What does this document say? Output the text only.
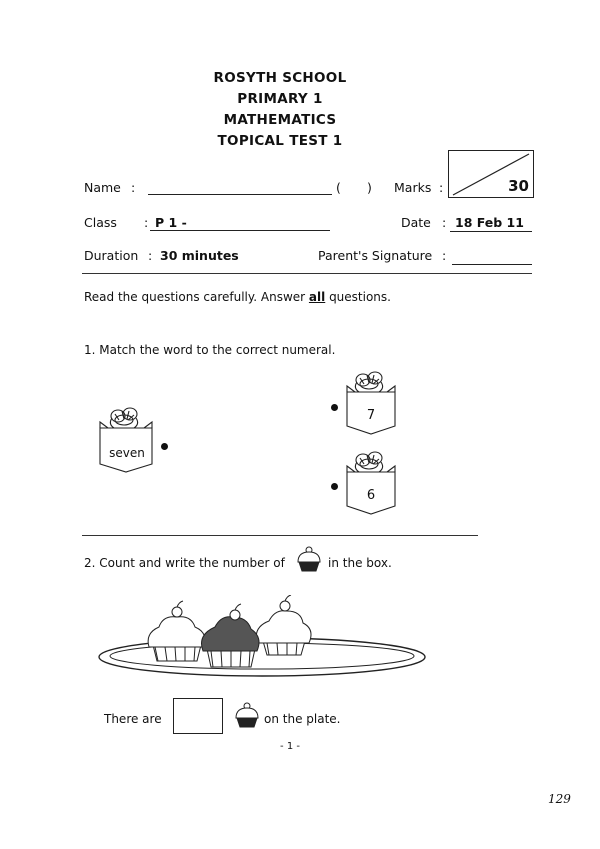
ROSYTH SCHOOL
PRIMARY 1
MATHEMATICS
TOPICAL TEST 1
Name :	( ) Marks :	30
Class : P 1 -	Date : 18 Feb 11
Duration : 30 minutes	Parent's Signature :
Read the questions carefully. Answer all questions.
1. Match the word to the correct numeral.
seven
7
6
2. Count and write the number of	in the box.
There are	on the plate.
- 1 -
129
